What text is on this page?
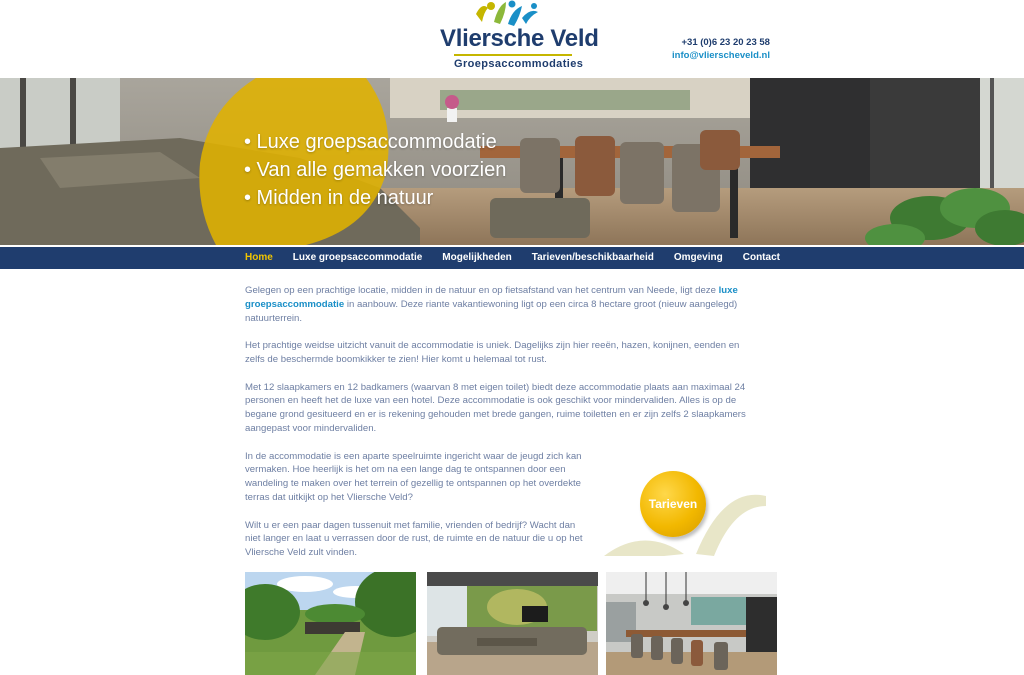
Vliersche Veld
Groepsaccommodaties
+31 (0)6 23 20 23 58
info@vlierscheveld.nl
• Luxe groepsaccommodatie
• Van alle gemakken voorzien
• Midden in de natuur
Home Luxe groepsaccommodatie Mogelijkheden Tarieven/beschikbaarheid Omgeving Contact

Gelegen op een prachtige locatie, midden in de natuur en op fietsafstand van het centrum van Neede, ligt deze luxe groepsaccommodatie in aanbouw. Deze riante vakantiewoning ligt op een circa 8 hectare groot (nieuw aangelegd) natuurterrein.

Het prachtige weidse uitzicht vanuit de accommodatie is uniek. Dagelijks zijn hier reeën, hazen, konijnen, eenden en zelfs de beschermde boomkikker te zien! Hier komt u helemaal tot rust.

Met 12 slaapkamers en 12 badkamers (waarvan 8 met eigen toilet) biedt deze accommodatie plaats aan maximaal 24 personen en heeft het de luxe van een hotel. Deze accommodatie is ook geschikt voor mindervaliden. Alles is op de begane grond gesitueerd en er is rekening gehouden met brede gangen, ruime toiletten en er zijn zelfs 2 slaapkamers aangepast voor mindervaliden.

In de accommodatie is een aparte speelruimte ingericht waar de jeugd zich kan vermaken. Hoe heerlijk is het om na een lange dag te ontspannen door een wandeling te maken over het terrein of gezellig te ontspannen op het overdekte terras dat uitkijkt op het Vliersche Veld?

Wilt u er een paar dagen tussenuit met familie, vrienden of bedrijf? Wacht dan niet langer en laat u verrassen door de rust, de ruimte en de natuur die u op het Vliersche Veld zult vinden.

Tarieven
